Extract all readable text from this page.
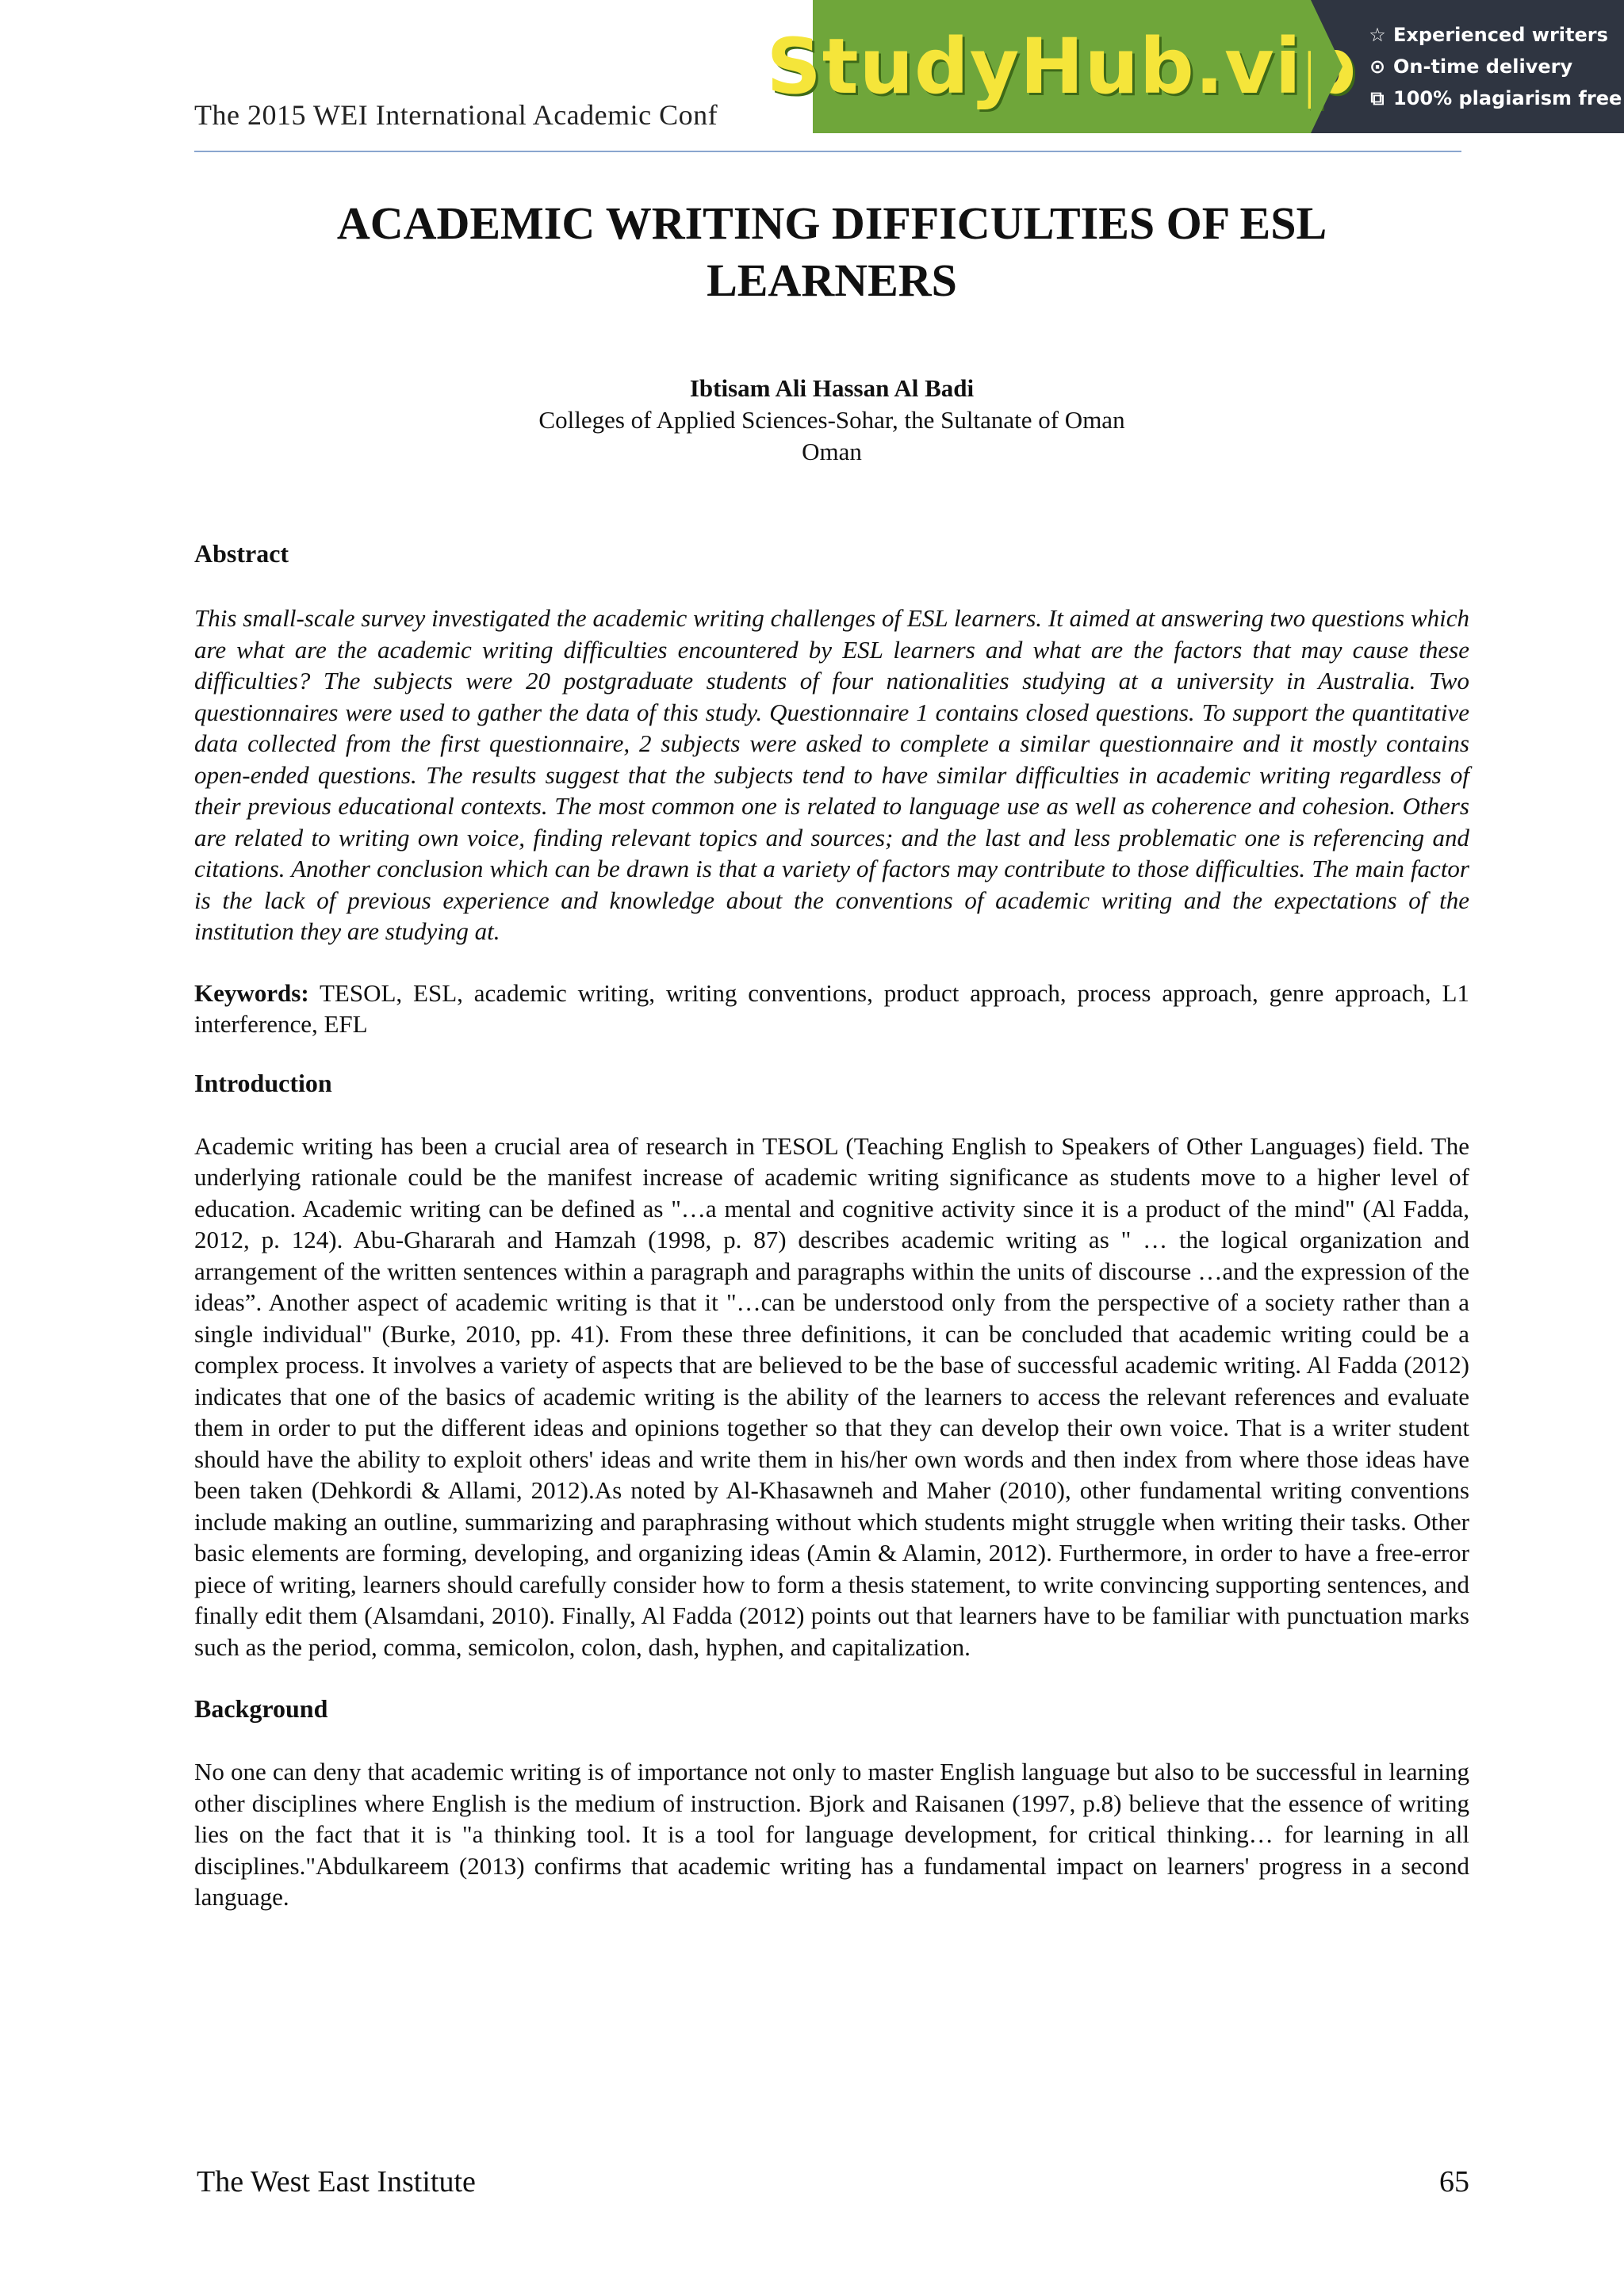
The 2015 WEI International Academic Conf
StudyHub.vip ☆ Experienced writers
⊙ On-time delivery
⧉ 100% plagiarism free
ACADEMIC WRITING DIFFICULTIES OF ESL LEARNERS
Ibtisam Ali Hassan Al Badi
Colleges of Applied Sciences-Sohar, the Sultanate of Oman
Oman

Abstract

This small-scale survey investigated the academic writing challenges of ESL learners. It aimed at answering two questions which are what are the academic writing difficulties encountered by ESL learners and what are the factors that may cause these difficulties? The subjects were 20 postgraduate students of four nationalities studying at a university in Australia. Two questionnaires were used to gather the data of this study. Questionnaire 1 contains closed questions. To support the quantitative data collected from the first questionnaire, 2 subjects were asked to complete a similar questionnaire and it mostly contains open-ended questions. The results suggest that the subjects tend to have similar difficulties in academic writing regardless of their previous educational contexts. The most common one is related to language use as well as coherence and cohesion. Others are related to writing own voice, finding relevant topics and sources; and the last and less problematic one is referencing and citations. Another conclusion which can be drawn is that a variety of factors may contribute to those difficulties. The main factor is the lack of previous experience and knowledge about the conventions of academic writing and the expectations of the institution they are studying at.

Keywords: TESOL, ESL, academic writing, writing conventions, product approach, process approach, genre approach, L1 interference, EFL

Introduction

Academic writing has been a crucial area of research in TESOL (Teaching English to Speakers of Other Languages) field. The underlying rationale could be the manifest increase of academic writing significance as students move to a higher level of education. Academic writing can be defined as "…a mental and cognitive activity since it is a product of the mind" (Al Fadda, 2012, p. 124). Abu-Ghararah and Hamzah (1998, p. 87) describes academic writing as " … the logical organization and arrangement of the written sentences within a paragraph and paragraphs within the units of discourse …and the expression of the ideas”. Another aspect of academic writing is that it "…can be understood only from the perspective of a society rather than a single individual" (Burke, 2010, pp. 41). From these three definitions, it can be concluded that academic writing could be a complex process. It involves a variety of aspects that are believed to be the base of successful academic writing. Al Fadda (2012) indicates that one of the basics of academic writing is the ability of the learners to access the relevant references and evaluate them in order to put the different ideas and opinions together so that they can develop their own voice. That is a writer student should have the ability to exploit others' ideas and write them in his/her own words and then index from where those ideas have been taken (Dehkordi & Allami, 2012).As noted by Al-Khasawneh and Maher (2010), other fundamental writing conventions include making an outline, summarizing and paraphrasing without which students might struggle when writing their tasks. Other basic elements are forming, developing, and organizing ideas (Amin & Alamin, 2012). Furthermore, in order to have a free-error piece of writing, learners should carefully consider how to form a thesis statement, to write convincing supporting sentences, and finally edit them (Alsamdani, 2010). Finally, Al Fadda (2012) points out that learners have to be familiar with punctuation marks such as the period, comma, semicolon, colon, dash, hyphen, and capitalization.

Background

No one can deny that academic writing is of importance not only to master English language but also to be successful in learning other disciplines where English is the medium of instruction. Bjork and Raisanen (1997, p.8) believe that the essence of writing lies on the fact that it is "a thinking tool. It is a tool for language development, for critical thinking… for learning in all disciplines."Abdulkareem (2013) confirms that academic writing has a fundamental impact on learners' progress in a second language.

The West East Institute	65
